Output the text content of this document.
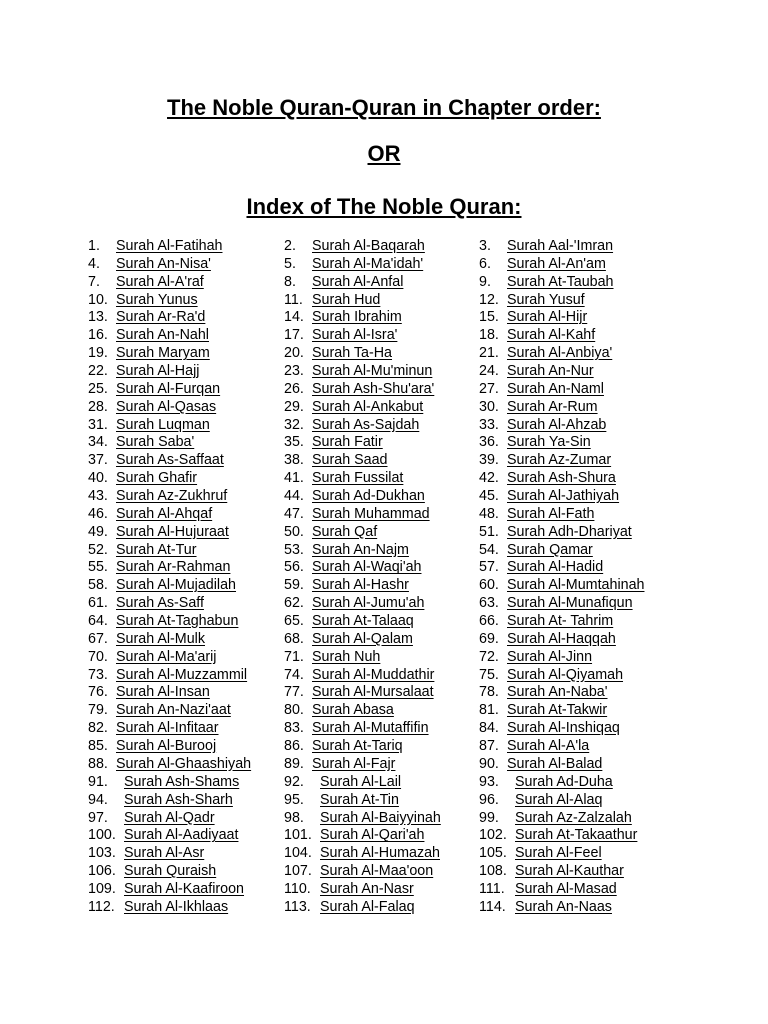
The Noble Quran-Quran in Chapter order:
OR
Index of The Noble Quran:
1. Surah Al-Fatihah	2. Surah Al-Baqarah	3. Surah Aal-'Imran
4. Surah An-Nisa'	5. Surah Al-Ma'idah'	6. Surah Al-An'am
7. Surah Al-A'raf	8. Surah Al-Anfal	9. Surah At-Taubah
10. Surah Yunus	11. Surah Hud	12. Surah Yusuf
13. Surah Ar-Ra'd	14. Surah Ibrahim	15. Surah Al-Hijr
16. Surah An-Nahl	17. Surah Al-Isra'	18. Surah Al-Kahf
19. Surah Maryam	20. Surah Ta-Ha	21. Surah Al-Anbiya'
22. Surah Al-Hajj	23. Surah Al-Mu'minun	24. Surah An-Nur
25. Surah Al-Furqan	26. Surah Ash-Shu'ara'	27. Surah An-Naml
28. Surah Al-Qasas	29. Surah Al-Ankabut	30. Surah Ar-Rum
31. Surah Luqman	32. Surah As-Sajdah	33. Surah Al-Ahzab
34. Surah Saba'	35. Surah Fatir	36. Surah Ya-Sin
37. Surah As-Saffaat	38. Surah Saad	39. Surah Az-Zumar
40. Surah Ghafir	41. Surah Fussilat	42. Surah Ash-Shura
43. Surah Az-Zukhruf	44. Surah Ad-Dukhan	45. Surah Al-Jathiyah
46. Surah Al-Ahqaf	47. Surah Muhammad	48. Surah Al-Fath
49. Surah Al-Hujuraat	50. Surah Qaf	51. Surah Adh-Dhariyat
52. Surah At-Tur	53. Surah An-Najm	54. Surah Qamar
55. Surah Ar-Rahman	56. Surah Al-Waqi'ah	57. Surah Al-Hadid
58. Surah Al-Mujadilah	59. Surah Al-Hashr	60. Surah Al-Mumtahinah
61. Surah As-Saff	62. Surah Al-Jumu'ah	63. Surah Al-Munafiqun
64. Surah At-Taghabun	65. Surah At-Talaaq	66. Surah At- Tahrim
67. Surah Al-Mulk	68. Surah Al-Qalam	69. Surah Al-Haqqah
70. Surah Al-Ma'arij	71. Surah Nuh	72. Surah Al-Jinn
73. Surah Al-Muzzammil	74. Surah Al-Muddathir	75. Surah Al-Qiyamah
76. Surah Al-Insan	77. Surah Al-Mursalaat	78. Surah An-Naba'
79. Surah An-Nazi'aat	80. Surah Abasa	81. Surah At-Takwir
82. Surah Al-Infitaar	83. Surah Al-Mutaffifin	84. Surah Al-Inshiqaq
85. Surah Al-Burooj	86. Surah At-Tariq	87. Surah Al-A'la
88. Surah Al-Ghaashiyah	89. Surah Al-Fajr	90. Surah Al-Balad
91. Surah Ash-Shams	92. Surah Al-Lail	93. Surah Ad-Duha
94. Surah Ash-Sharh	95. Surah At-Tin	96. Surah Al-Alaq
97. Surah Al-Qadr	98. Surah Al-Baiyyinah	99. Surah Az-Zalzalah
100. Surah Al-Aadiyaat	101. Surah Al-Qari'ah	102. Surah At-Takaathur
103. Surah Al-Asr	104. Surah Al-Humazah	105. Surah Al-Feel
106. Surah Quraish	107. Surah Al-Maa'oon	108. Surah Al-Kauthar
109. Surah Al-Kaafiroon	110. Surah An-Nasr	111. Surah Al-Masad
112. Surah Al-Ikhlaas	113. Surah Al-Falaq	114. Surah An-Naas
